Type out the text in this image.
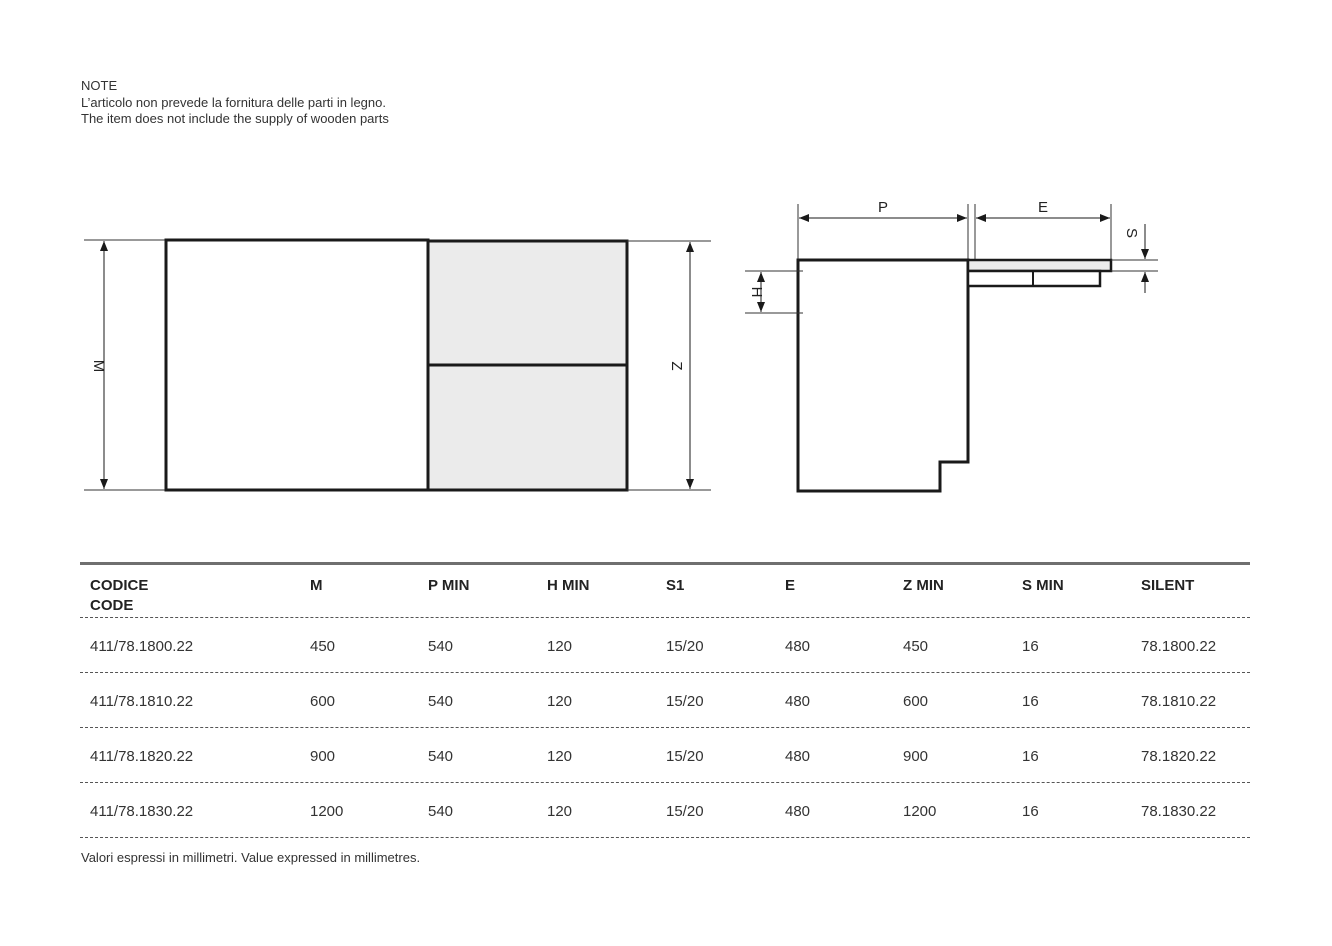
NOTE
L’articolo non prevede la fornitura delle parti in legno.
The item does not include the supply of wooden parts
M	Z
P	E
H
S
CODICE
CODE
M	P MIN	H MIN	S1	E	Z MIN	S MIN	SILENT
411/78.1800.22	450	540	120	15/20	480	450	16	78.1800.22
411/78.1810.22	600	540	120	15/20	480	600	16	78.1810.22
411/78.1820.22	900	540	120	15/20	480	900	16	78.1820.22
411/78.1830.22	1200	540	120	15/20	480	1200	16	78.1830.22
Valori espressi in millimetri. Value expressed in millimetres.
